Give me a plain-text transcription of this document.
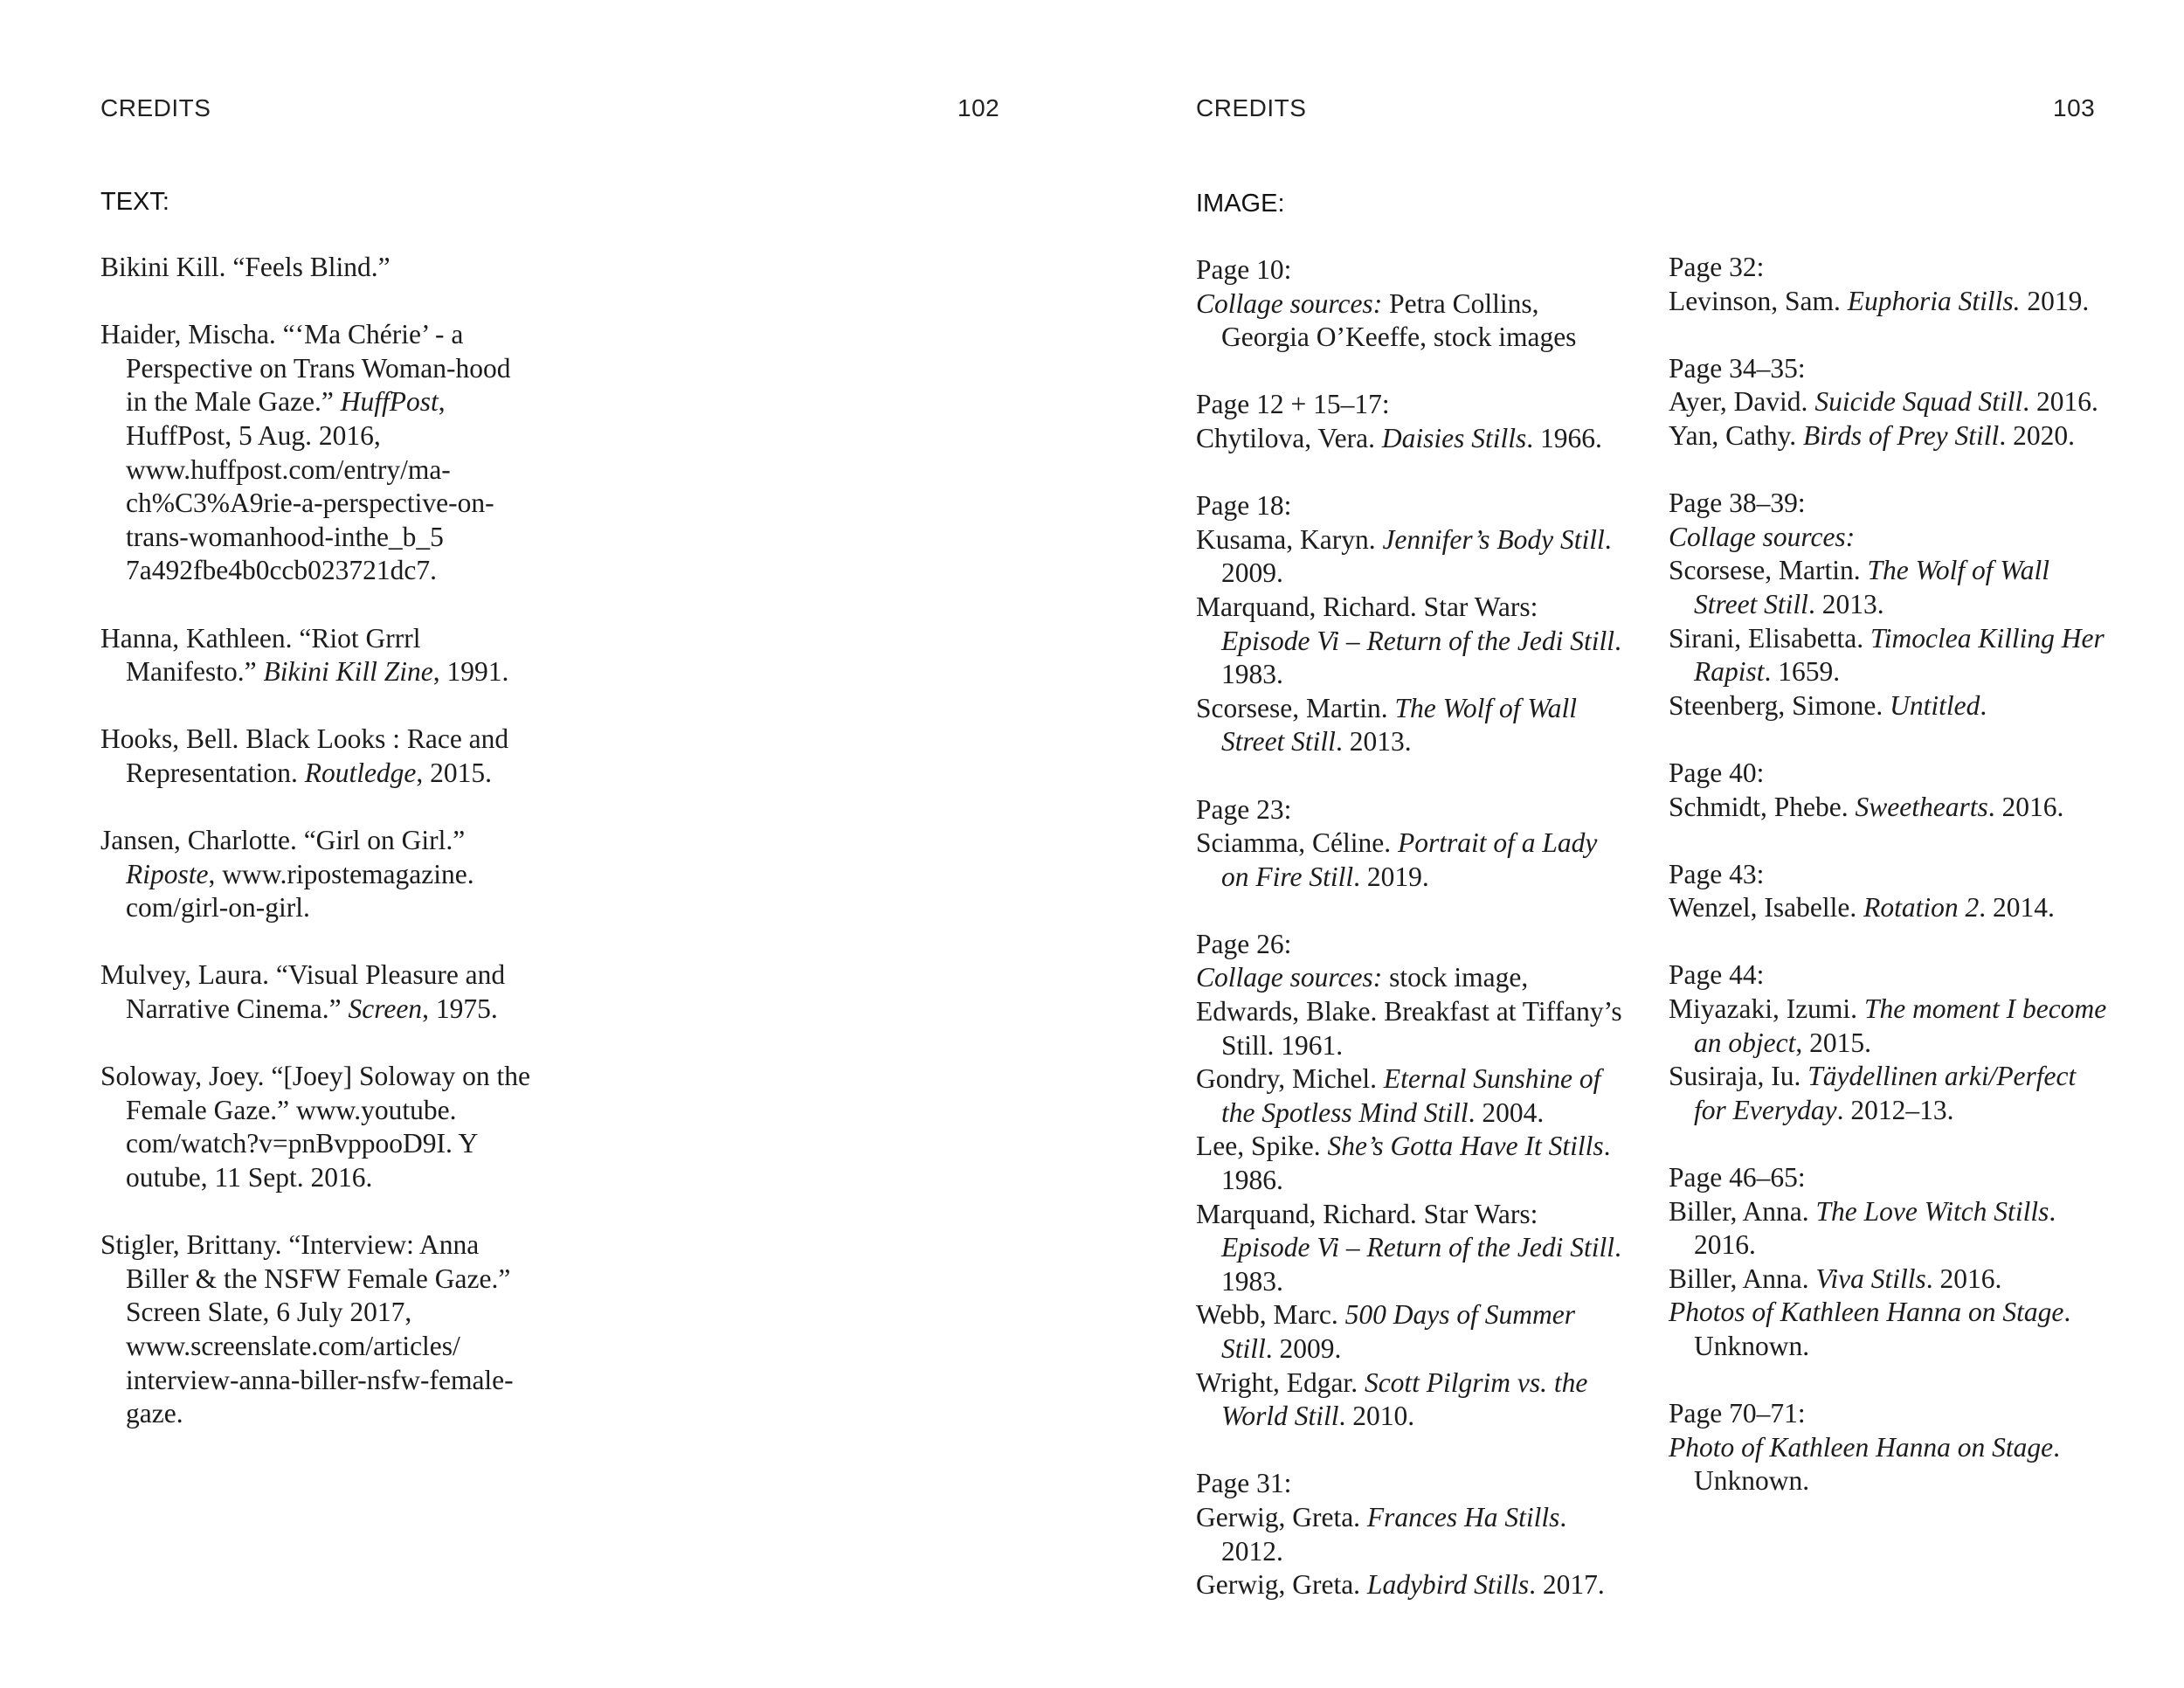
CREDITS	102
TEXT:
Bikini Kill. “Feels Blind.”
Haider, Mischa. “‘Ma Chérie’ - a Perspective on Trans Woman-hood in the Male Gaze.” HuffPost, HuffPost, 5 Aug. 2016, www.huffpost.com/entry/ma-ch%C3%A9rie-a-perspective-on-trans-womanhood-inthe_b_5 7a492fbe4b0ccb023721dc7.
Hanna, Kathleen. “Riot Grrrl Manifesto.” Bikini Kill Zine, 1991.
Hooks, Bell. Black Looks : Race and Representation. Routledge, 2015.
Jansen, Charlotte. “Girl on Girl.” Riposte, www.ripostemagazine. com/girl-on-girl.
Mulvey, Laura. “Visual Pleasure and Narrative Cinema.” Screen, 1975.
Soloway, Joey. “[Joey] Soloway on the Female Gaze.” www.youtube. com/watch?v=pnBvppooD9I. Y outube, 11 Sept. 2016.
Stigler, Brittany. “Interview: Anna Biller & the NSFW Female Gaze.” Screen Slate, 6 July 2017, www.screenslate.com/articles/ interview-anna-biller-nsfw-female-gaze.
CREDITS	103
IMAGE:
Page 10:
Collage sources: Petra Collins, Georgia O’Keeffe, stock images
Page 12 + 15–17:
Chytilova, Vera. Daisies Stills. 1966.
Page 18:
Kusama, Karyn. Jennifer’s Body Still. 2009.
Marquand, Richard. Star Wars: Episode Vi – Return of the Jedi Still. 1983.
Scorsese, Martin. The Wolf of Wall Street Still. 2013.
Page 23:
Sciamma, Céline. Portrait of a Lady on Fire Still. 2019.
Page 26:
Collage sources: stock image,
Edwards, Blake. Breakfast at Tiffany’s Still. 1961.
Gondry, Michel. Eternal Sunshine of the Spotless Mind Still. 2004.
Lee, Spike. She’s Gotta Have It Stills. 1986.
Marquand, Richard. Star Wars: Episode Vi – Return of the Jedi Still. 1983.
Webb, Marc. 500 Days of Summer Still. 2009.
Wright, Edgar. Scott Pilgrim vs. the World Still. 2010.
Page 31:
Gerwig, Greta. Frances Ha Stills. 2012.
Gerwig, Greta. Ladybird Stills. 2017.
Page 32:
Levinson, Sam. Euphoria Stills. 2019.
Page 34–35:
Ayer, David. Suicide Squad Still. 2016.
Yan, Cathy. Birds of Prey Still. 2020.
Page 38–39:
Collage sources:
Scorsese, Martin. The Wolf of Wall Street Still. 2013.
Sirani, Elisabetta. Timoclea Killing Her Rapist. 1659.
Steenberg, Simone. Untitled.
Page 40:
Schmidt, Phebe. Sweethearts. 2016.
Page 43:
Wenzel, Isabelle. Rotation 2. 2014.
Page 44:
Miyazaki, Izumi. The moment I become an object, 2015.
Susiraja, Iu. Täydellinen arki/Perfect for Everyday. 2012–13.
Page 46–65:
Biller, Anna. The Love Witch Stills. 2016.
Biller, Anna. Viva Stills. 2016.
Photos of Kathleen Hanna on Stage. Unknown.
Page 70–71:
Photo of Kathleen Hanna on Stage. Unknown.
